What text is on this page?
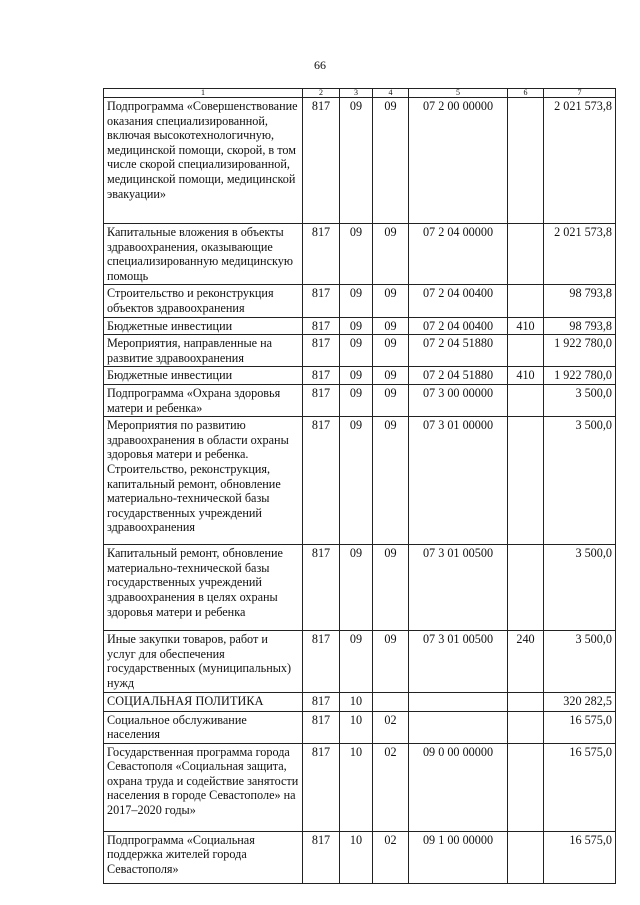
66
1	2	3	4	5	6	7
Подпрограмма «Совершенствование оказания специализированной, включая высокотехнологичную, медицинской помощи, скорой, в том числе скорой специализированной, медицинской помощи, медицинской эвакуации»	817	09	09	07 2 00 00000		2 021 573,8
Капитальные вложения в объекты здравоохранения, оказывающие специализированную медицинскую помощь	817	09	09	07 2 04 00000		2 021 573,8
Строительство и реконструкция объектов здравоохранения	817	09	09	07 2 04 00400		98 793,8
Бюджетные инвестиции	817	09	09	07 2 04 00400	410	98 793,8
Мероприятия, направленные на развитие здравоохранения	817	09	09	07 2 04 51880		1 922 780,0
Бюджетные инвестиции	817	09	09	07 2 04 51880	410	1 922 780,0
Подпрограмма «Охрана здоровья матери и ребенка»	817	09	09	07 3 00 00000		3 500,0
Мероприятия по развитию здравоохранения в области охраны здоровья матери и ребенка. Строительство, реконструкция, капитальный ремонт, обновление материально-технической базы государственных учреждений здравоохранения	817	09	09	07 3 01 00000		3 500,0
Капитальный ремонт, обновление материально-технической базы государственных учреждений здравоохранения в целях охраны здоровья матери и ребенка	817	09	09	07 3 01 00500		3 500,0
Иные закупки товаров, работ и услуг для обеспечения государственных (муниципальных) нужд	817	09	09	07 3 01 00500	240	3 500,0
СОЦИАЛЬНАЯ ПОЛИТИКА	817	10				320 282,5
Социальное обслуживание населения	817	10	02			16 575,0
Государственная программа города Севастополя «Социальная защита, охрана труда и содействие занятости населения в городе Севастополе» на 2017–2020 годы»	817	10	02	09 0 00 00000		16 575,0
Подпрограмма «Социальная поддержка жителей города Севастополя»	817	10	02	09 1 00 00000		16 575,0
